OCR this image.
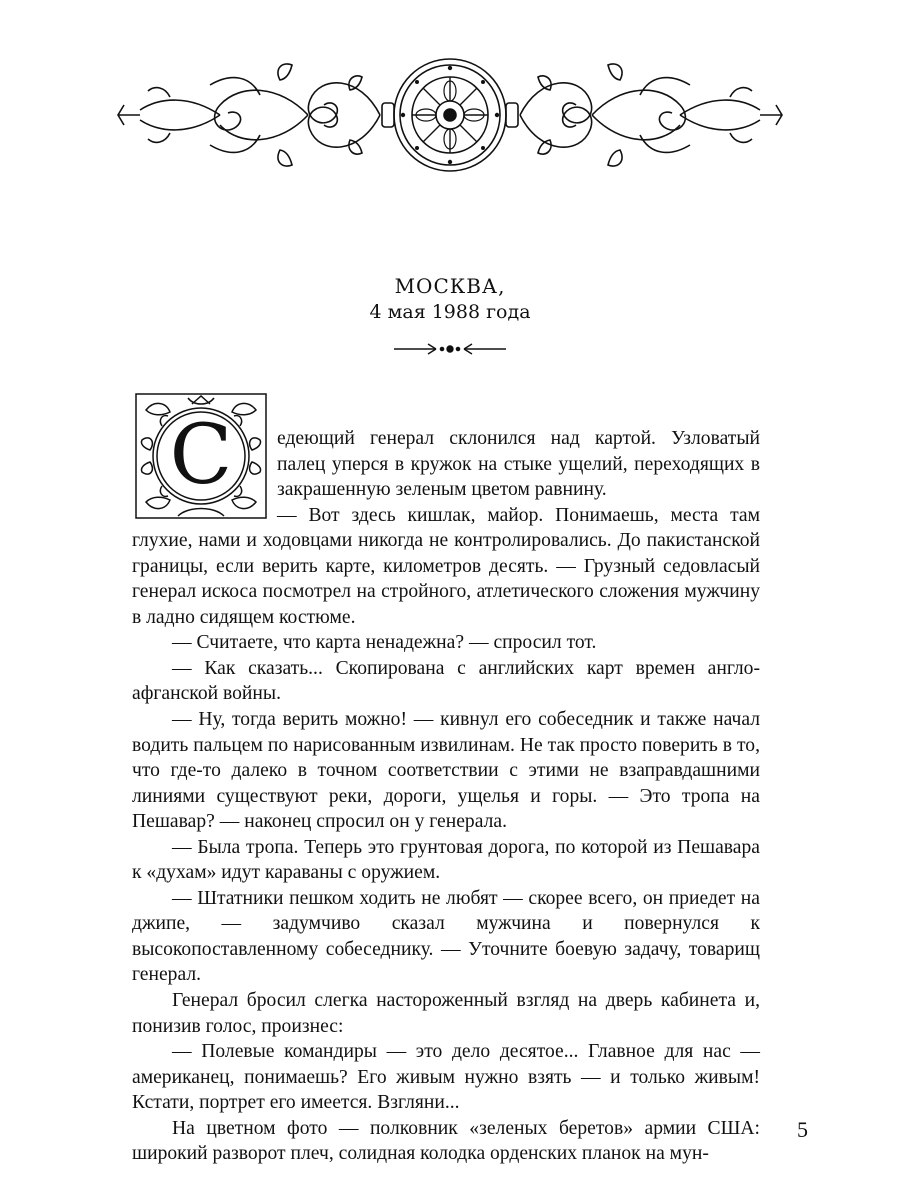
МОСКВА,
4 мая 1988 года
С	едеющий генерал склонился над картой. Узловатый палец уперся в кружок на стыке ущелий, переходящих в закрашенную зеленым цветом равнину.

— Вот здесь кишлак, майор. Понимаешь, места там глухие, нами и ходовцами никогда не контролировались. До пакистанской границы, если верить карте, километров десять. — Грузный седовласый генерал искоса посмотрел на стройного, атлетического сложения мужчину в ладно сидящем костюме.

— Считаете, что карта ненадежна? — спросил тот.

— Как сказать... Скопирована с английских карт времен англо-афганской войны.

— Ну, тогда верить можно! — кивнул его собеседник и также начал водить пальцем по нарисованным извилинам. Не так просто поверить в то, что где-то далеко в точном соответствии с этими не взаправдашними линиями существуют реки, дороги, ущелья и горы. — Это тропа на Пешавар? — наконец спросил он у генерала.

— Была тропа. Теперь это грунтовая дорога, по которой из Пешавара к «духам» идут караваны с оружием.

— Штатники пешком ходить не любят — скорее всего, он приедет на джипе, — задумчиво сказал мужчина и повернулся к высокопоставленному собеседнику. — Уточните боевую задачу, товарищ генерал.

Генерал бросил слегка настороженный взгляд на дверь кабинета и, понизив голос, произнес:

— Полевые командиры — это дело десятое... Главное для нас — американец, понимаешь? Его живым нужно взять — и только живым! Кстати, портрет его имеется. Взгляни...

На цветном фото — полковник «зеленых беретов» армии США: широкий разворот плеч, солидная колодка орденских планок на мун-

5
